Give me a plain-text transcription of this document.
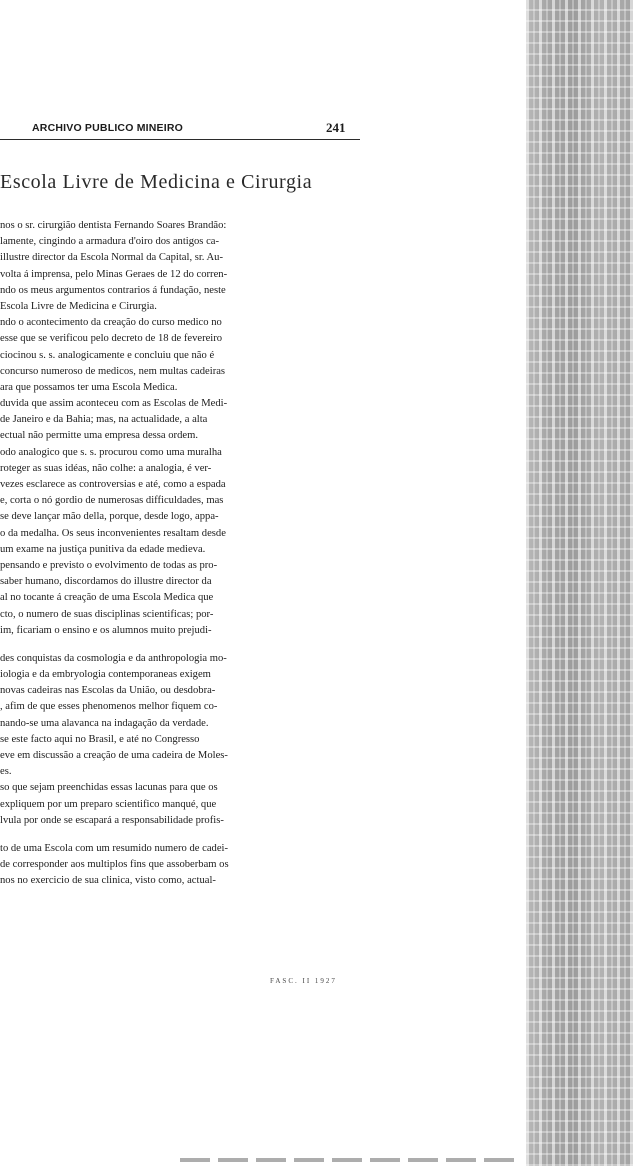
ARCHIVO PUBLICO MINEIRO	241
Escola Livre de Medicina e Cirurgia
nos o sr. cirurgião dentista Fernando Soares Brandão:
lamente, cingindo a armadura d'oiro dos antigos ca-
illustre director da Escola Normal da Capital, sr. Au-
volta á imprensa, pelo Minas Geraes de 12 do corren-
ndo os meus argumentos contrarios á fundação, neste
Escola Livre de Medicina e Cirurgia.
ndo o acontecimento da creação do curso medico no
esse que se verificou pelo decreto de 18 de fevereiro
ciocinou s. s. analogicamente e concluiu que não é
concurso numeroso de medicos, nem multas cadeiras
ara que possamos ter uma Escola Medica.
duvida que assim aconteceu com as Escolas de Medi-
de Janeiro e da Bahia; mas, na actualidade, a alta
ectual não permitte uma empresa dessa ordem.
odo analogico que s. s. procurou como uma muralha
roteger as suas idéas, não colhe: a analogia, é ver-
vezes esclarece as controversias e até, como a espada
e, corta o nó gordio de numerosas difficuldades, mas
se deve lançar mão della, porque, desde logo, appa-
o da medalha. Os seus inconvenientes resaltam desde
um exame na justiça punitiva da edade medieva.
pensando e previsto o evolvimento de todas as pro-
saber humano, discordamos do illustre director da
al no tocante á creação de uma Escola Medica que
cto, o numero de suas disciplinas scientificas; por-
im, ficariam o ensino e os alumnos muito prejudi-
des conquistas da cosmologia e da anthropologia mo-
iologia e da embryologia contemporaneas exigem
novas cadeiras nas Escolas da União, ou desdobra-
, afim de que esses phenomenos melhor fiquem co-
nando-se uma alavanca na indagação da verdade.
se este facto aqui no Brasil, e até no Congresso
eve em discussão a creação de uma cadeira de Moles-
es.
so que sejam preenchidas essas lacunas para que os
expliquem por um preparo scientifico manqué, que
lvula por onde se escapará a responsabilidade profis-
to de uma Escola com um resumido numero de cadei-
de corresponder aos multiplos fins que assoberbam os
nos no exercicio de sua clinica, visto como, actual-
FASC. II 1927
